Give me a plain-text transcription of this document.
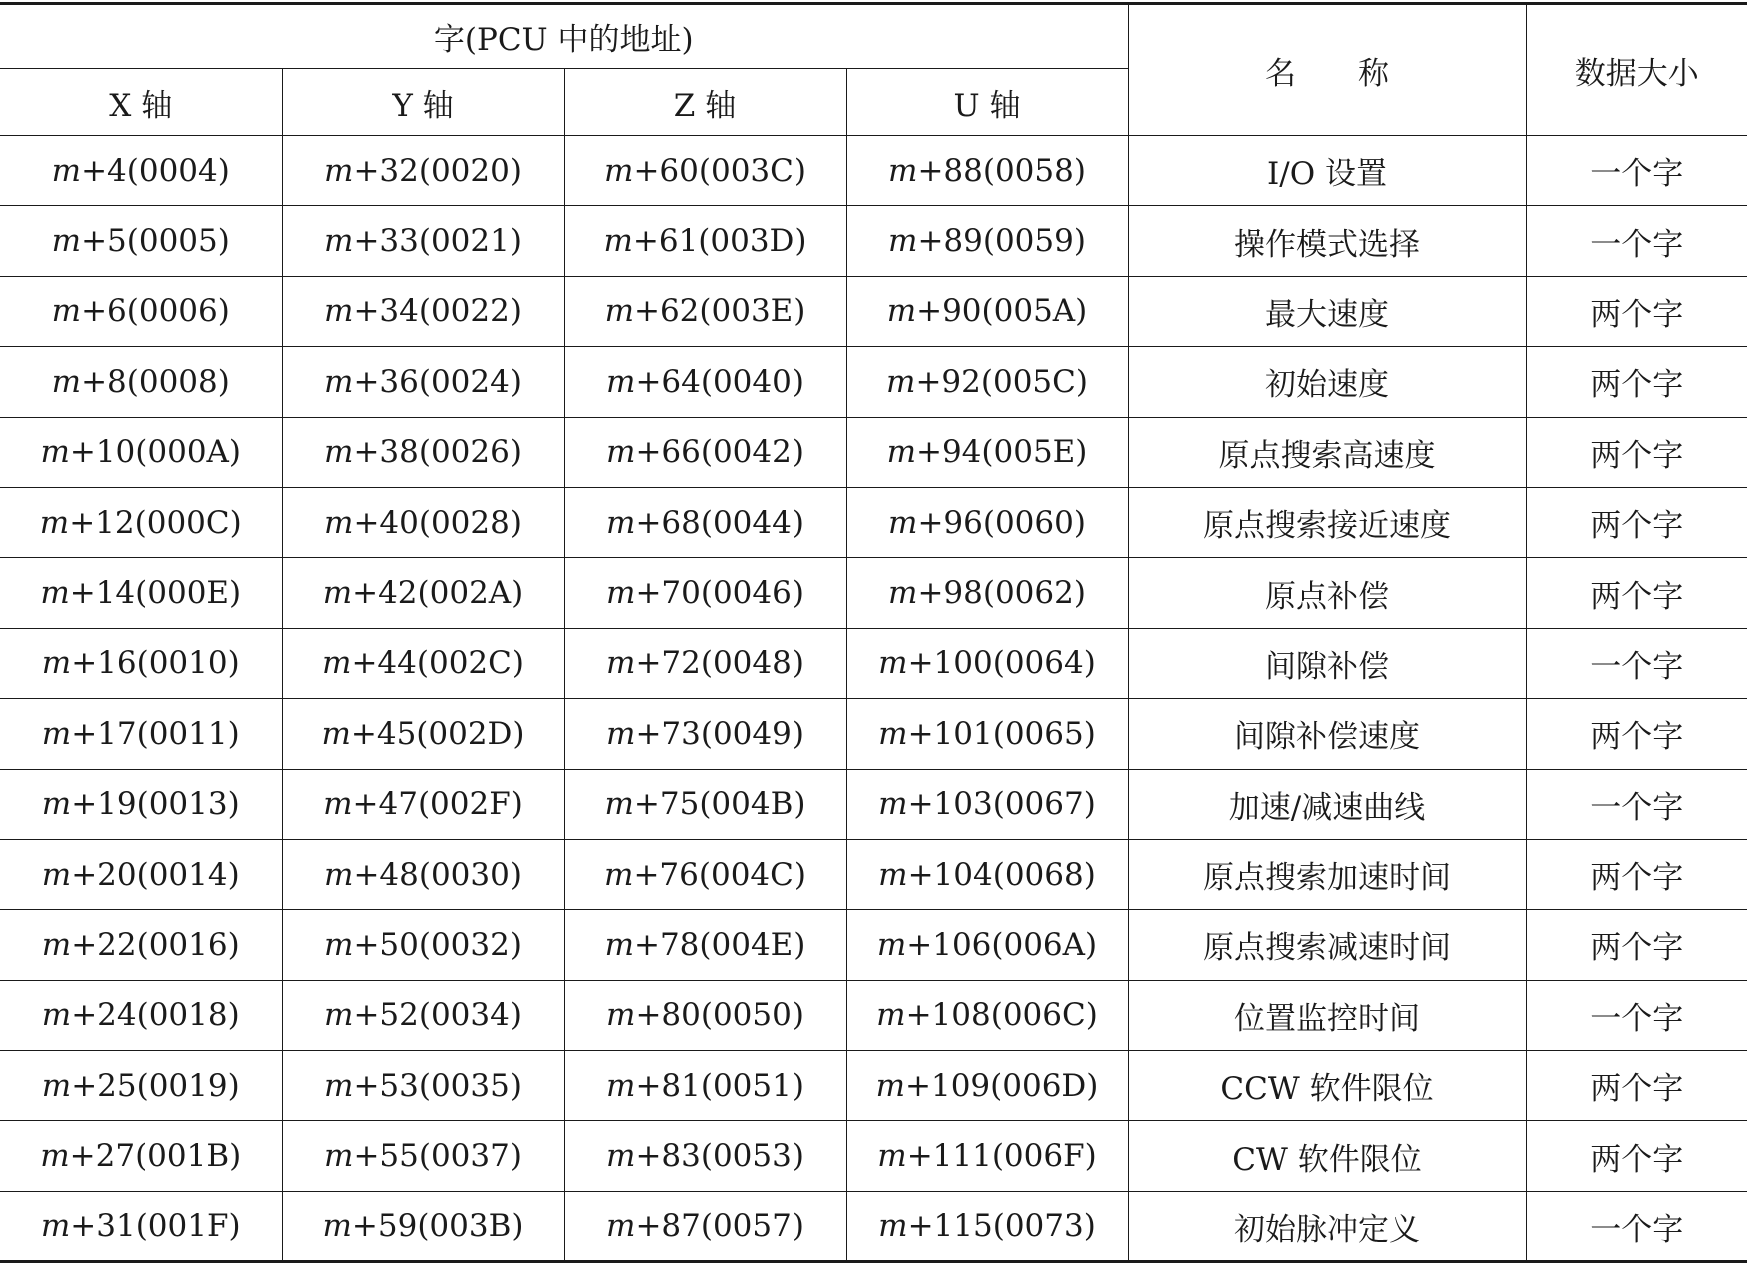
字(PCU 中的地址)				名　　称	数据大小
X 轴	Y 轴	Z 轴	U 轴		
m+4(0004)	m+32(0020)	m+60(003C)	m+88(0058)	I/O 设置	一个字
m+5(0005)	m+33(0021)	m+61(003D)	m+89(0059)	操作模式选择	一个字
m+6(0006)	m+34(0022)	m+62(003E)	m+90(005A)	最大速度	两个字
m+8(0008)	m+36(0024)	m+64(0040)	m+92(005C)	初始速度	两个字
m+10(000A)	m+38(0026)	m+66(0042)	m+94(005E)	原点搜索高速度	两个字
m+12(000C)	m+40(0028)	m+68(0044)	m+96(0060)	原点搜索接近速度	两个字
m+14(000E)	m+42(002A)	m+70(0046)	m+98(0062)	原点补偿	两个字
m+16(0010)	m+44(002C)	m+72(0048)	m+100(0064)	间隙补偿	一个字
m+17(0011)	m+45(002D)	m+73(0049)	m+101(0065)	间隙补偿速度	两个字
m+19(0013)	m+47(002F)	m+75(004B)	m+103(0067)	加速/减速曲线	一个字
m+20(0014)	m+48(0030)	m+76(004C)	m+104(0068)	原点搜索加速时间	两个字
m+22(0016)	m+50(0032)	m+78(004E)	m+106(006A)	原点搜索减速时间	两个字
m+24(0018)	m+52(0034)	m+80(0050)	m+108(006C)	位置监控时间	一个字
m+25(0019)	m+53(0035)	m+81(0051)	m+109(006D)	CCW 软件限位	两个字
m+27(001B)	m+55(0037)	m+83(0053)	m+111(006F)	CW 软件限位	两个字
m+31(001F)	m+59(003B)	m+87(0057)	m+115(0073)	初始脉冲定义	一个字
